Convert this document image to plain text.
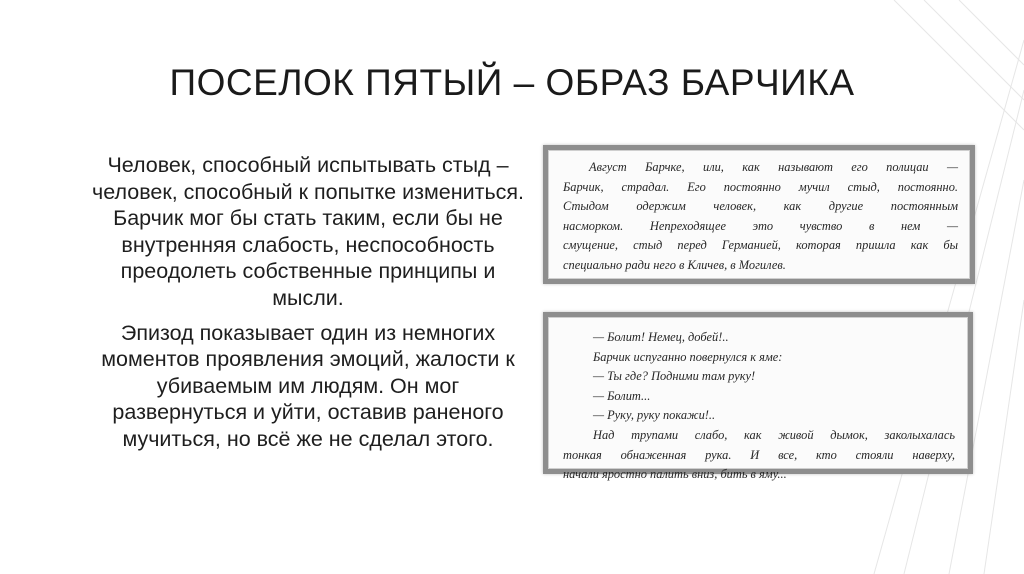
ПОСЕЛОК ПЯТЫЙ – ОБРАЗ БАРЧИКА

Человек, способный испытывать стыд – человек, способный к попытке измениться. Барчик мог бы стать таким, если бы не внутренняя слабость, неспособность преодолеть собственные принципы и мысли.

Эпизод показывает один из немногих моментов проявления эмоций, жалости к убиваемым им людям. Он мог развернуться и уйти, оставив раненого мучиться, но всё же не сделал этого.

Август Барчке, или, как называют его полицаи —
Барчик, страдал. Его постоянно мучил стыд, постоянно.
Стыдом одержим человек, как другие постоянным
насморком. Непреходящее это чувство в нем —
смущение, стыд перед Германией, которая пришла как бы
специально ради него в Кличев, в Могилев.
— Болит! Немец, добей!..
Барчик испуганно повернулся к яме:
— Ты где? Подними там руку!
— Болит...
— Руку, руку покажи!..
Над трупами слабо, как живой дымок, заколыхалась
тонкая обнаженная рука. И все, кто стояли наверху,
начали яростно палить вниз, бить в яму...
